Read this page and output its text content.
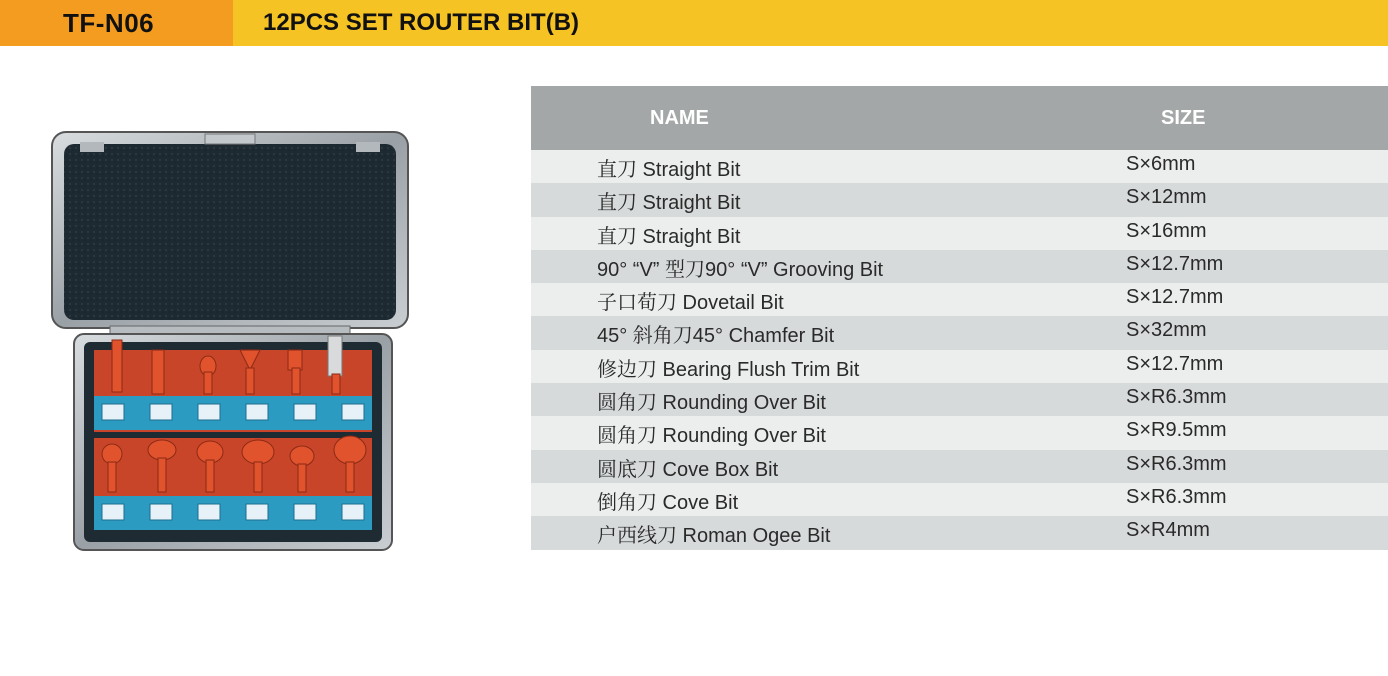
TF-N06	12PCS SET ROUTER BIT(B)
NAME	SIZE
直刀 Straight Bit	S×6mm
直刀 Straight Bit	S×12mm
直刀 Straight Bit	S×16mm
90° “V” 型刀90° “V” Grooving Bit	S×12.7mm
子口荀刀 Dovetail Bit	S×12.7mm
45° 斜角刀45° Chamfer Bit	S×32mm
修边刀 Bearing Flush Trim Bit	S×12.7mm
圆角刀 Rounding Over Bit	S×R6.3mm
圆角刀 Rounding Over Bit	S×R9.5mm
圆底刀 Cove Box Bit	S×R6.3mm
倒角刀 Cove Bit	S×R6.3mm
户西线刀 Roman Ogee Bit	S×R4mm
